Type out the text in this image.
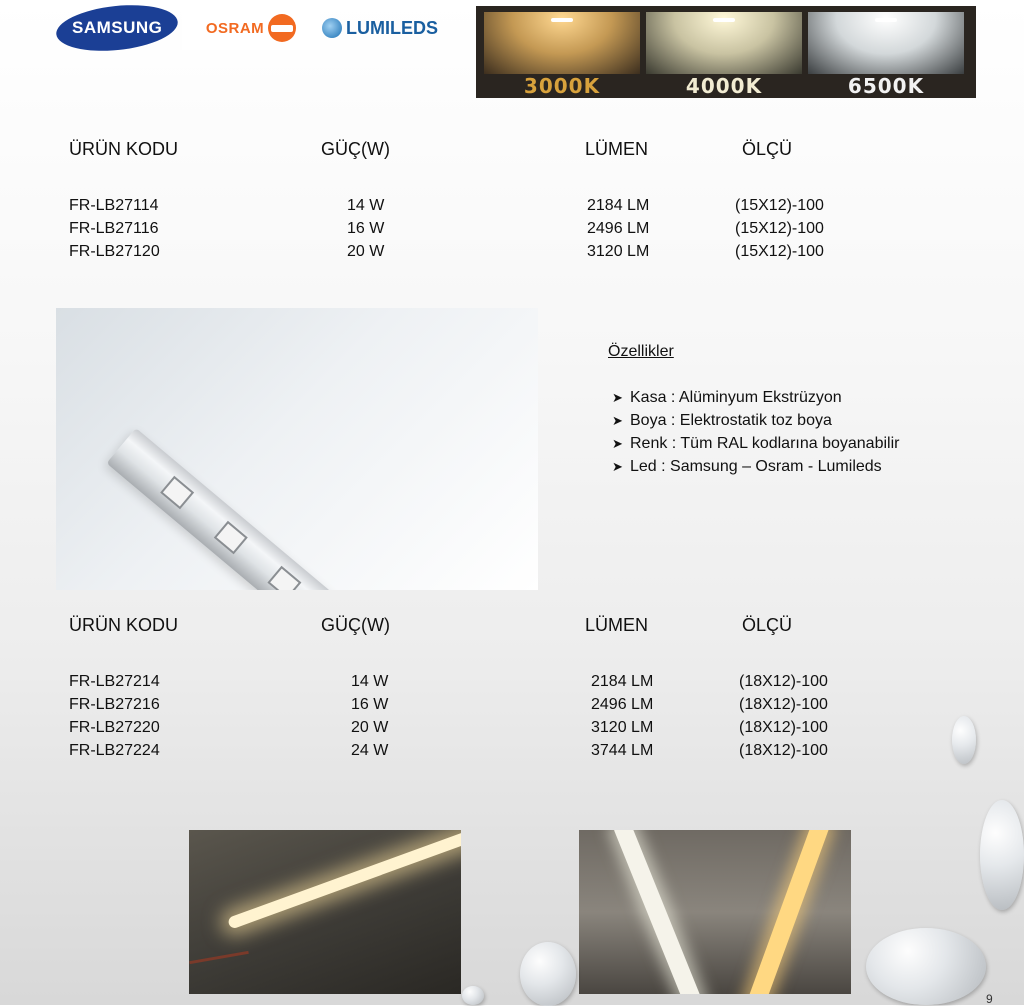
SAMSUNG	OSRAM	LUMILEDS
3000K	4000K	6500K
ÜRÜN KODU	GÜÇ(W)	LÜMEN	ÖLÇÜ
FR-LB27114	14 W	2184 LM	(15X12)-100
FR-LB27116	16 W	2496 LM	(15X12)-100
FR-LB27120	20 W	3120 LM	(15X12)-100
Özellikler
➤ Kasa : Alüminyum Ekstrüzyon
➤ Boya : Elektrostatik toz boya
➤ Renk : Tüm RAL kodlarına boyanabilir
➤ Led : Samsung – Osram - Lumileds
ÜRÜN KODU	GÜÇ(W)	LÜMEN	ÖLÇÜ
FR-LB27214	14 W	2184 LM	(18X12)-100
FR-LB27216	16 W	2496 LM	(18X12)-100
FR-LB27220	20 W	3120 LM	(18X12)-100
FR-LB27224	24 W	3744 LM	(18X12)-100
9
